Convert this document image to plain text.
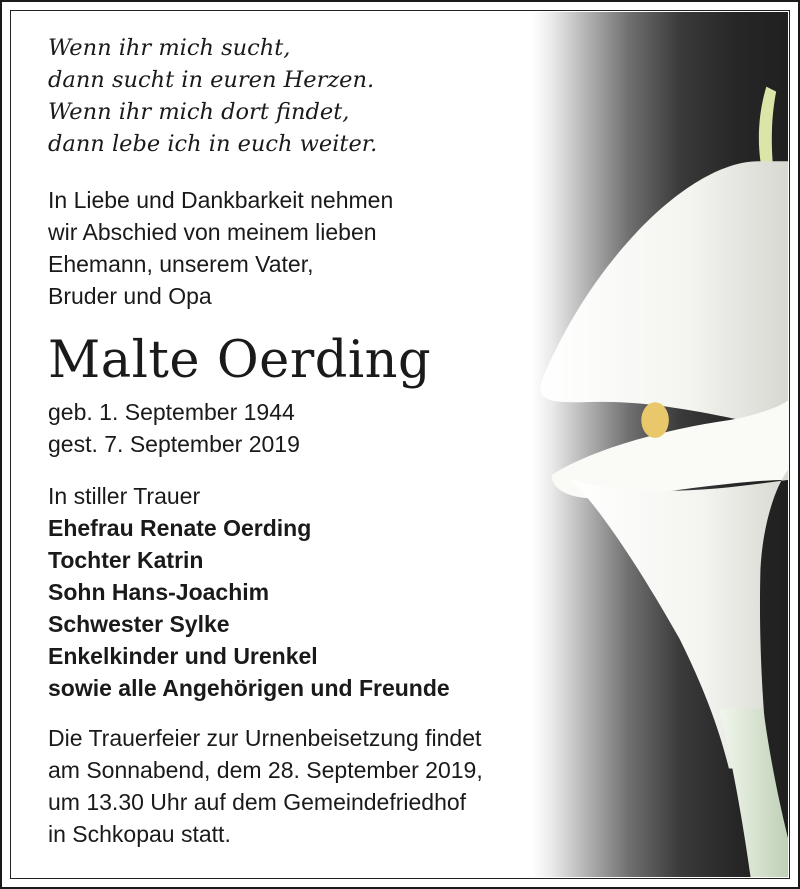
Wenn ihr mich sucht,
dann sucht in euren Herzen.
Wenn ihr mich dort findet,
dann lebe ich in euch weiter.
In Liebe und Dankbarkeit nehmen
wir Abschied von meinem lieben
Ehemann, unserem Vater,
Bruder und Opa
Malte Oerding
geb. 1. September 1944
gest. 7. September 2019
In stiller Trauer
Ehefrau Renate Oerding
Tochter Katrin
Sohn Hans-Joachim
Schwester Sylke
Enkelkinder und Urenkel
sowie alle Angehörigen und Freunde
Die Trauerfeier zur Urnenbeisetzung findet
am Sonnabend, dem 28. September 2019,
um 13.30 Uhr auf dem Gemeindefriedhof
in Schkopau statt.
